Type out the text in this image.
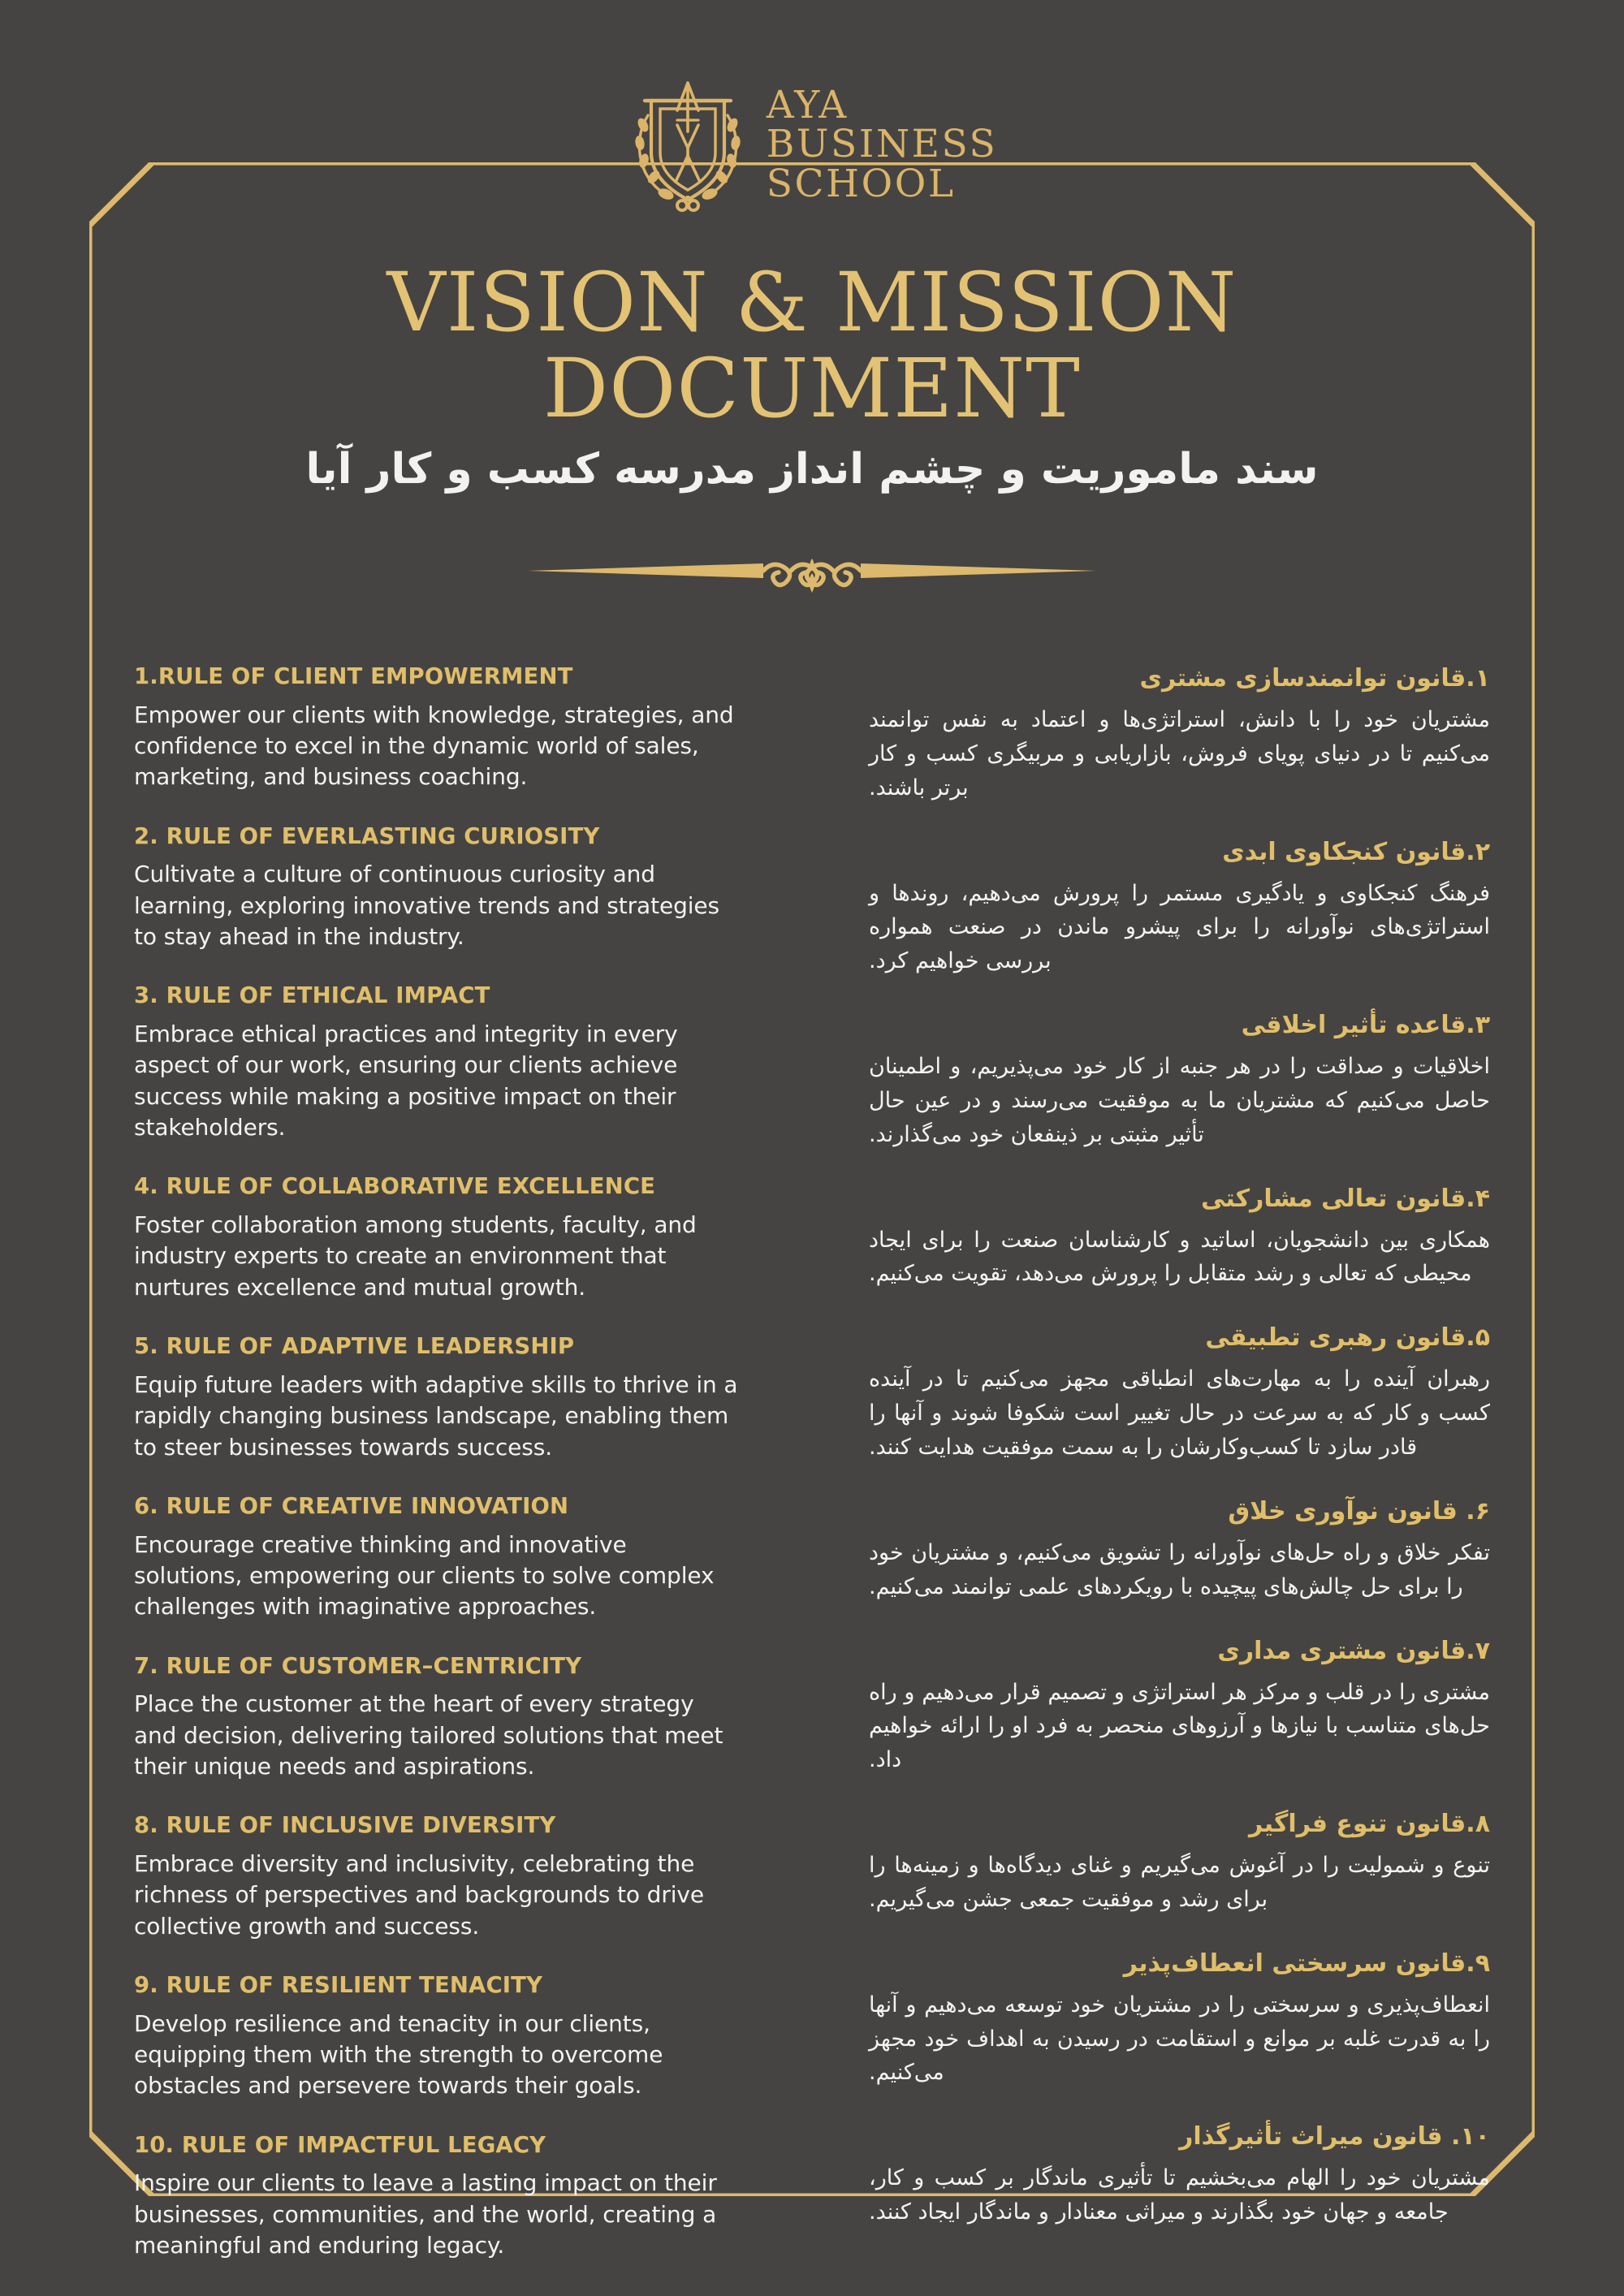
AYA
BUSINESS
SCHOOL
VISION & MISSION
DOCUMENT
سند ماموریت و چشم انداز مدرسه کسب و کار آیا
1.RULE OF CLIENT EMPOWERMENT
Empower our clients with knowledge, strategies, and confidence to excel in the dynamic world of sales, marketing, and business coaching.
2. RULE OF EVERLASTING CURIOSITY
Cultivate a culture of continuous curiosity and learning, exploring innovative trends and strategies to stay ahead in the industry.
3. RULE OF ETHICAL IMPACT
Embrace ethical practices and integrity in every aspect of our work, ensuring our clients achieve success while making a positive impact on their stakeholders.
4. RULE OF COLLABORATIVE EXCELLENCE
Foster collaboration among students, faculty, and industry experts to create an environment that nurtures excellence and mutual growth.
5. RULE OF ADAPTIVE LEADERSHIP
Equip future leaders with adaptive skills to thrive in a rapidly changing business landscape, enabling them to steer businesses towards success.
6. RULE OF CREATIVE INNOVATION
Encourage creative thinking and innovative solutions, empowering our clients to solve complex challenges with imaginative approaches.
7. RULE OF CUSTOMER–CENTRICITY
Place the customer at the heart of every strategy and decision, delivering tailored solutions that meet their unique needs and aspirations.
8. RULE OF INCLUSIVE DIVERSITY
Embrace diversity and inclusivity, celebrating the richness of perspectives and backgrounds to drive collective growth and success.
9. RULE OF RESILIENT TENACITY
Develop resilience and tenacity in our clients, equipping them with the strength to overcome obstacles and persevere towards their goals.
10. RULE OF IMPACTFUL LEGACY
Inspire our clients to leave a lasting impact on their businesses, communities, and the world, creating a meaningful and enduring legacy.
۱.قانون توانمندسازی مشتری
مشتریان خود را با دانش، استراتژی‌ها و اعتماد به نفس توانمند می‌کنیم تا در دنیای پویای فروش، بازاریابی و مربیگری کسب و کار برتر باشند.
۲.قانون کنجکاوی ابدی
فرهنگ کنجکاوی و یادگیری مستمر را پرورش می‌دهیم، روندها و استراتژی‌های نوآورانه را برای پیشرو ماندن در صنعت همواره بررسی خواهیم کرد.
۳.قاعده تأثیر اخلاقی
اخلاقیات و صداقت را در هر جنبه از کار خود می‌پذیریم، و اطمینان حاصل می‌کنیم که مشتریان ما به موفقیت می‌رسند و در عین حال تأثیر مثبتی بر ذینفعان خود می‌گذارند.
۴.قانون تعالی مشارکتی
همکاری بین دانشجویان، اساتید و کارشناسان صنعت را برای ایجاد محیطی که تعالی و رشد متقابل را پرورش می‌دهد، تقویت می‌کنیم.
۵.قانون رهبری تطبیقی
رهبران آینده را به مهارت‌های انطباقی مجهز می‌کنیم تا در آینده کسب و کار که به سرعت در حال تغییر است شکوفا شوند و آنها را قادر سازد تا کسب‌وکارشان را به سمت موفقیت هدایت کنند.
۶. قانون نوآوری خلاق
تفکر خلاق و راه حل‌های نوآورانه را تشویق می‌کنیم، و مشتریان خود را برای حل چالش‌های پیچیده با رویکردهای علمی توانمند می‌کنیم.
۷.قانون مشتری مداری
مشتری را در قلب و مرکز هر استراتژی و تصمیم قرار می‌دهیم و راه حل‌های متناسب با نیازها و آرزوهای منحصر به فرد او را ارائه خواهیم داد.
۸.قانون تنوع فراگیر
تنوع و شمولیت را در آغوش می‌گیریم و غنای دیدگاه‌ها و زمینه‌ها را برای رشد و موفقیت جمعی جشن می‌گیریم.
۹.قانون سرسختی انعطاف‌پذیر
انعطاف‌پذیری و سرسختی را در مشتریان خود توسعه می‌دهیم و آنها را به قدرت غلبه بر موانع و استقامت در رسیدن به اهداف خود مجهز می‌کنیم.
۱۰. قانون میراث تأثیرگذار
مشتریان خود را الهام می‌بخشیم تا تأثیری ماندگار بر کسب و کار، جامعه و جهان خود بگذارند و میراثی معنادار و ماندگار ایجاد کنند.
